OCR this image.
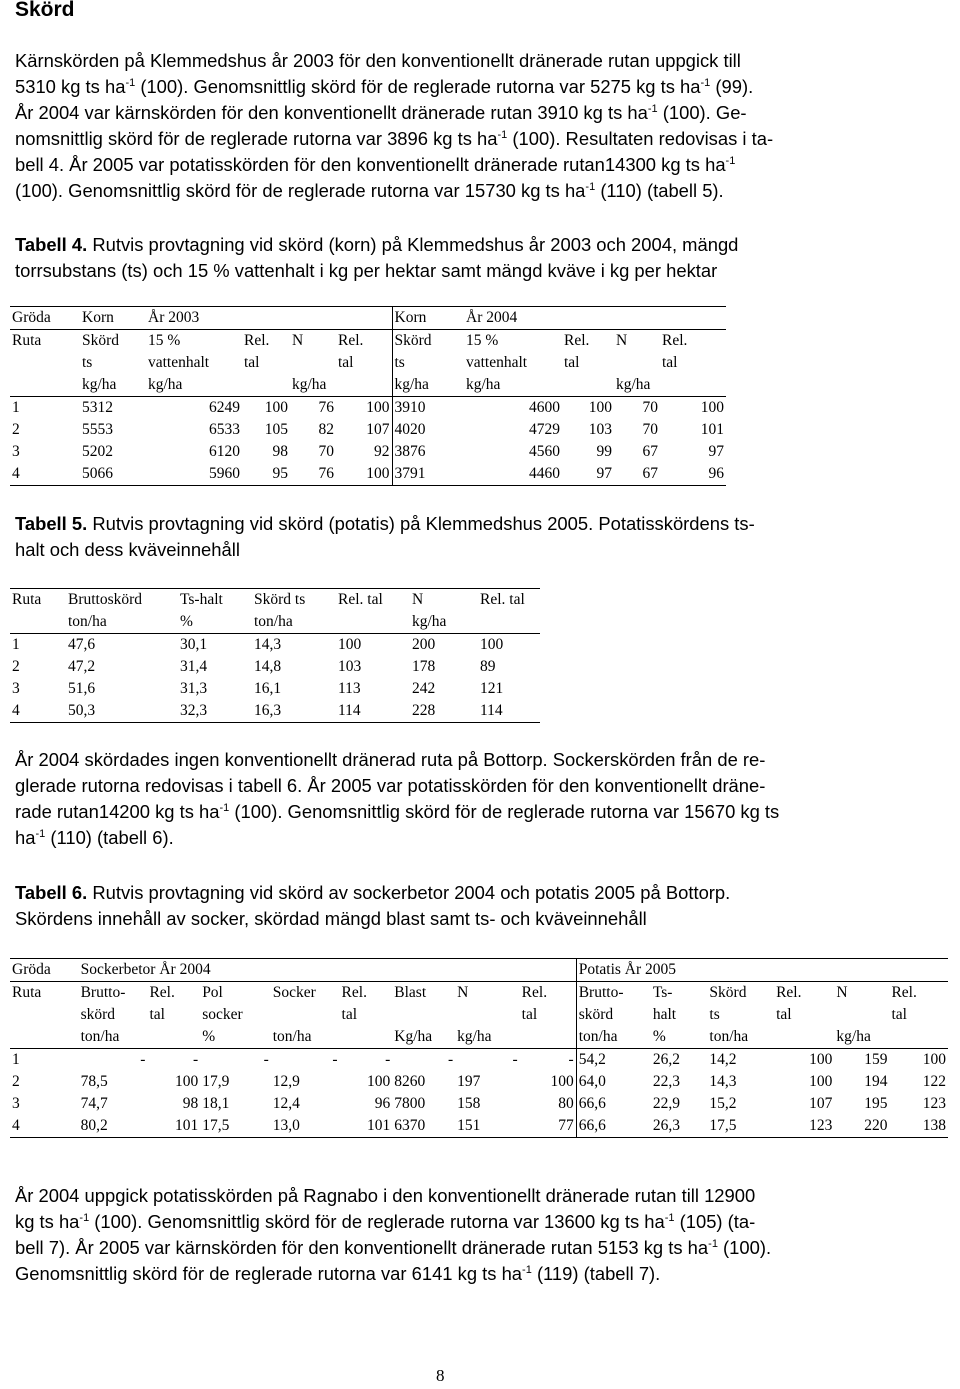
Skörd
Kärnskörden på Klemmedshus år 2003 för den konventionellt dränerade rutan uppgick till
5310 kg ts $ha^{-1}$ (100). Genomsnittlig skörd för de reglerade rutorna var 5275 kg ts $ha^{-1}$ (99).
År 2004 var kärnskörden för den konventionellt dränerade rutan 3910 kg ts $ha^{-1}$ (100). Ge-
nomsnittlig skörd för de reglerade rutorna var 3896 kg ts $ha^{-1}$ (100). Resultaten redovisas i ta-
bell 4. År 2005 var potatisskörden för den konventionellt dränerade rutan14300 kg ts $ha^{-1}$
(100). Genomsnittlig skörd för de reglerade rutorna var 15730 kg ts $ha^{-1}$ (110) (tabell 5).
Tabell 4. Rutvis provtagning vid skörd (korn) på Klemmedshus år 2003 och 2004, mängd
torrsubstans (ts) och 15 % vattenhalt i kg per hektar samt mängd kväve i kg per hektar
Gröda	Korn	År 2003				Korn	År 2004			
Ruta	Skörd	15 %	Rel.	N	Rel.	Skörd	15 %	Rel.	N	Rel.
	ts	vattenhalt	tal		tal	ts	vattenhalt	tal		tal
	kg/ha	kg/ha		kg/ha		kg/ha	kg/ha		kg/ha	
1	5312	6249	100	76	100	3910	4600	100	70	100
2	5553	6533	105	82	107	4020	4729	103	70	101
3	5202	6120	98	70	92	3876	4560	99	67	97
4	5066	5960	95	76	100	3791	4460	97	67	96
Tabell 5. Rutvis provtagning vid skörd (potatis) på Klemmedshus 2005. Potatisskördens ts-
halt och dess kväveinnehåll
Ruta	Bruttoskörd	Ts-halt	Skörd ts	Rel. tal	N	Rel. tal
	ton/ha	%	ton/ha		kg/ha	
1	47,6	30,1	14,3	100	200	100
2	47,2	31,4	14,8	103	178	89
3	51,6	31,3	16,1	113	242	121
4	50,3	32,3	16,3	114	228	114
År 2004 skördades ingen konventionellt dränerad ruta på Bottorp. Sockerskörden från de re-
glerade rutorna redovisas i tabell 6. År 2005 var potatisskörden för den konventionellt dräne-
rade rutan14200 kg ts $ha^{-1}$ (100). Genomsnittlig skörd för de reglerade rutorna var 15670 kg ts
$ha^{-1}$ (110) (tabell 6).
Tabell 6. Rutvis provtagning vid skörd av sockerbetor 2004 och potatis 2005 på Bottorp.
Skördens innehåll av socker, skördad mängd blast samt ts- och kväveinnehåll
Gröda	Sockerbetor År 2004								Potatis År 2005					
Ruta	Brutto-	Rel.	Pol	Socker	Rel.	Blast	N	Rel.	Brutto-	Ts-	Skörd	Rel.	N	Rel.
	skörd	tal	socker		tal			tal	skörd	halt	ts	tal		tal
	ton/ha		%	ton/ha		Kg/ha	kg/ha		ton/ha	%	ton/ha		kg/ha	
1	-	-	-	-	-	-	-	-	54,2	26,2	14,2	100	159	100
2	78,5	100	17,9	12,9	100	8260	197	100	64,0	22,3	14,3	100	194	122
3	74,7	98	18,1	12,4	96	7800	158	80	66,6	22,9	15,2	107	195	123
4	80,2	101	17,5	13,0	101	6370	151	77	66,6	26,3	17,5	123	220	138
År 2004 uppgick potatisskörden på Ragnabo i den konventionellt dränerade rutan till 12900
kg ts $ha^{-1}$ (100). Genomsnittlig skörd för de reglerade rutorna var 13600 kg ts $ha^{-1}$ (105) (ta-
bell 7). År 2005 var kärnskörden för den konventionellt dränerade rutan 5153 kg ts $ha^{-1}$ (100).
Genomsnittlig skörd för de reglerade rutorna var 6141 kg ts $ha^{-1}$ (119) (tabell 7).

8
